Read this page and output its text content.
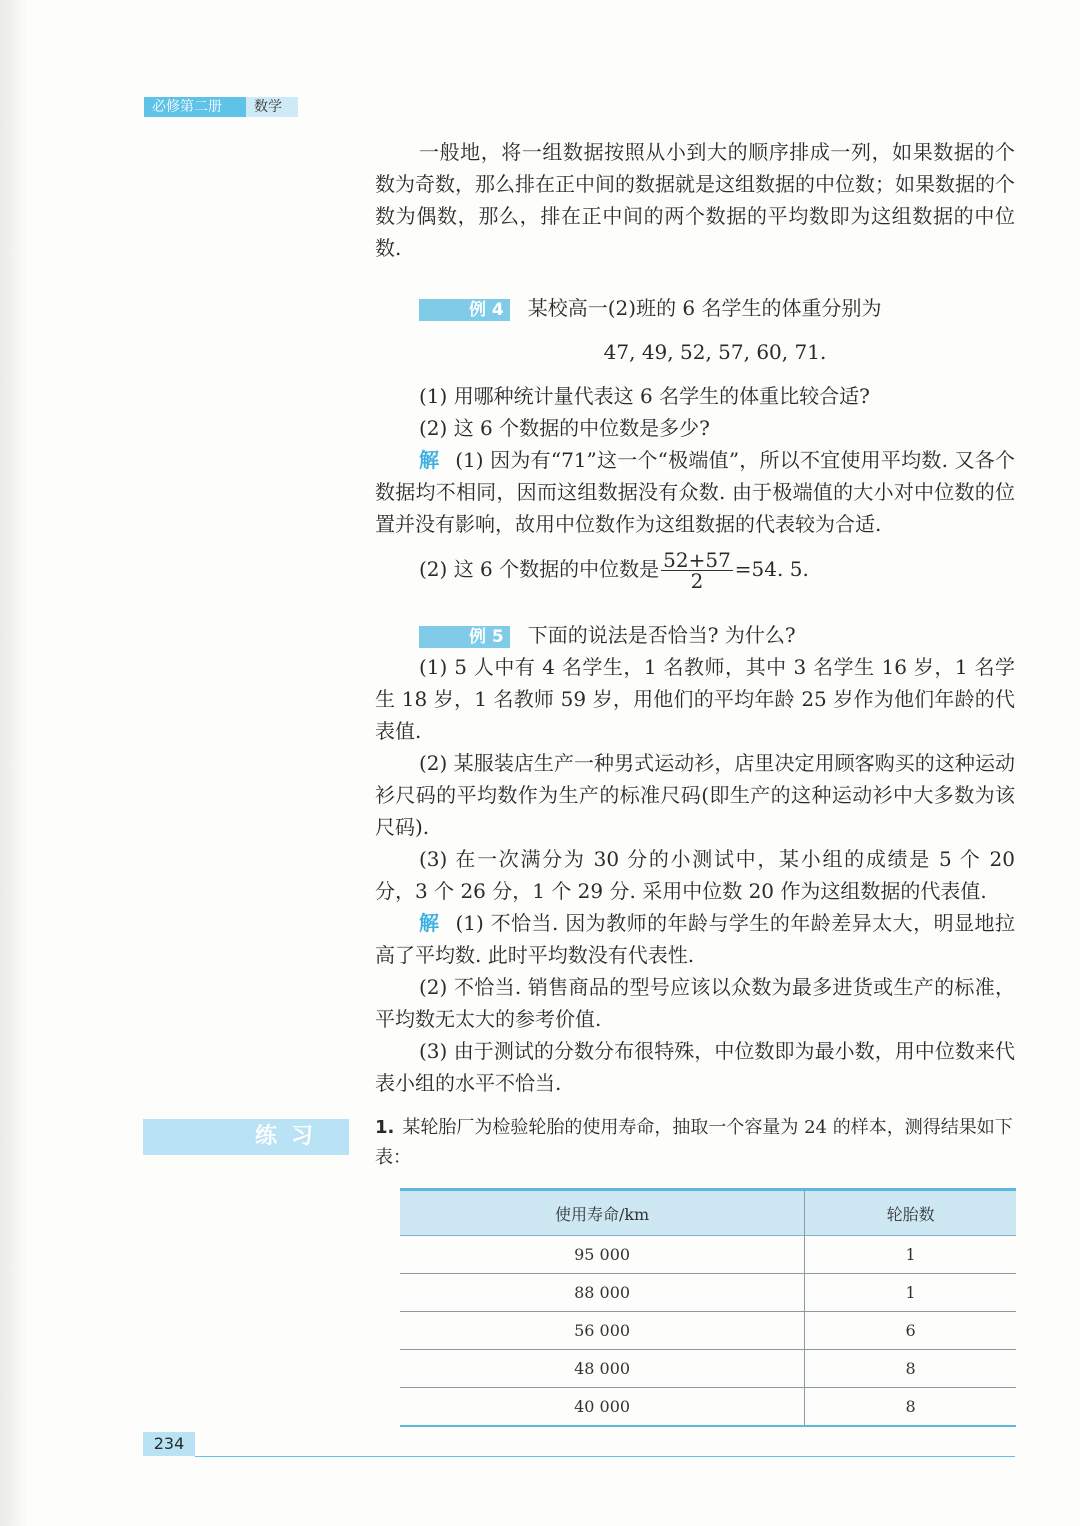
必修第二册	数学

一般地，将一组数据按照从小到大的顺序排成一列，如果数据的个数为奇数，那么排在正中间的数据就是这组数据的中位数；如果数据的个数为偶数，那么，排在正中间的两个数据的平均数即为这组数据的中位数.

例 4 某校高一(2)班的 6 名学生的体重分别为

47, 49, 52, 57, 60, 71.

(1) 用哪种统计量代表这 6 名学生的体重比较合适?

(2) 这 6 个数据的中位数是多少?

解 (1) 因为有“71”这一个“极端值”，所以不宜使用平均数. 又各个数据均不相同，因而这组数据没有众数. 由于极端值的大小对中位数的位置并没有影响，故用中位数作为这组数据的代表较为合适.

(2) 这 6 个数据的中位数是 $\frac{52+57}{2} =54$. 5.

例 5 下面的说法是否恰当? 为什么?

(1) 5 人中有 4 名学生，1 名教师，其中 3 名学生 16 岁，1 名学生 18 岁，1 名教师 59 岁，用他们的平均年龄 25 岁作为他们年龄的代表值.

(2) 某服装店生产一种男式运动衫，店里决定用顾客购买的这种运动衫尺码的平均数作为生产的标准尺码(即生产的这种运动衫中大多数为该尺码).

(3) 在一次满分为 30 分的小测试中，某小组的成绩是 5 个 20 分，3 个 26 分，1 个 29 分. 采用中位数 20 作为这组数据的代表值.

解 (1) 不恰当. 因为教师的年龄与学生的年龄差异太大，明显地拉高了平均数. 此时平均数没有代表性.

(2) 不恰当. 销售商品的型号应该以众数为最多进货或生产的标准，平均数无太大的参考价值.

(3) 由于测试的分数分布很特殊，中位数即为最小数，用中位数来代表小组的水平不恰当.

练习	1. 某轮胎厂为检验轮胎的使用寿命，抽取一个容量为 24 的样本，测得结果如下表：
使用寿命/km	轮胎数
95 000	1
88 000	1
56 000	6
48 000	8
40 000	8
234
